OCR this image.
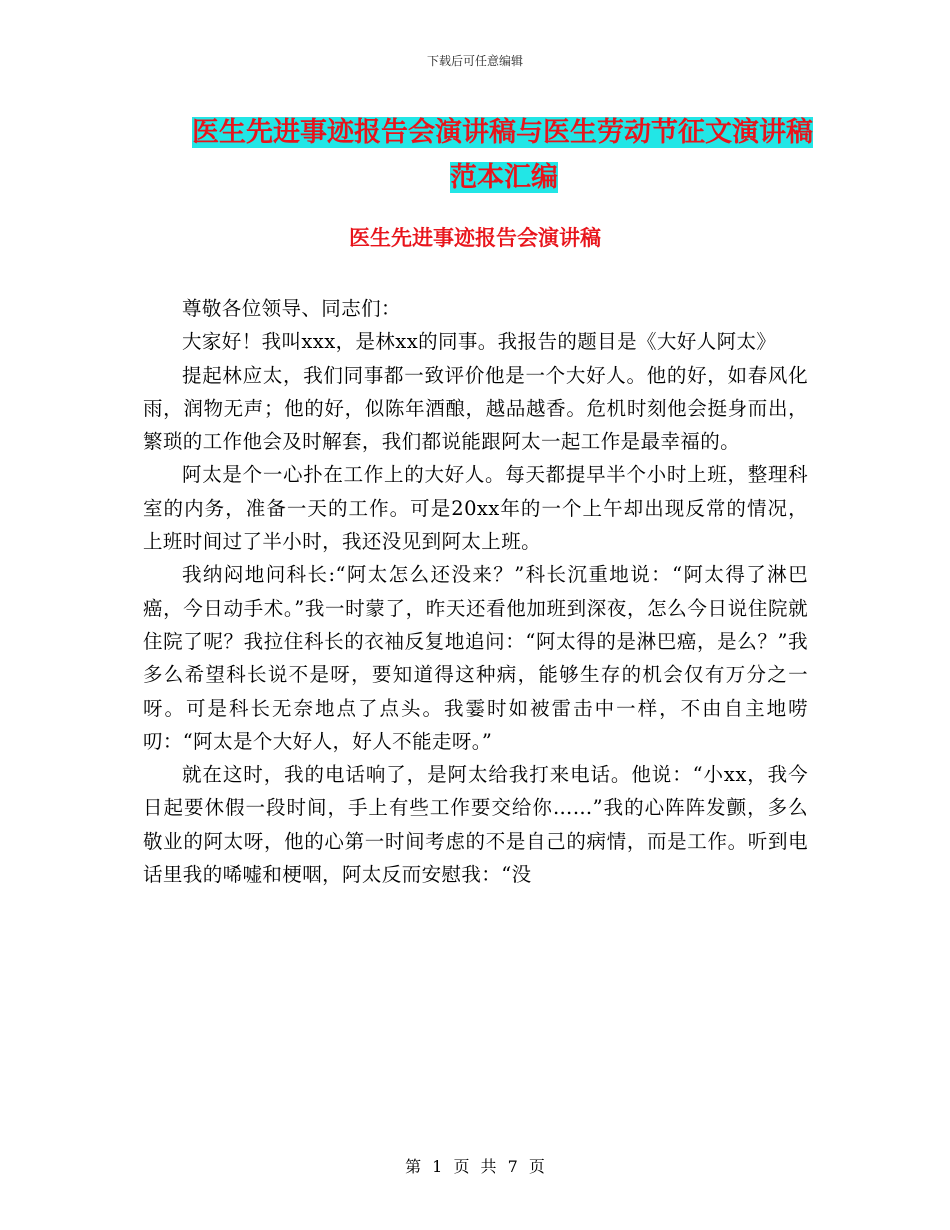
下载后可任意编辑
医生先进事迹报告会演讲稿与医生劳动节征文演讲稿
范本汇编
医生先进事迹报告会演讲稿

尊敬各位领导、同志们：

大家好！我叫xxx，是林xx的同事。我报告的题目是《大好人阿太》

提起林应太，我们同事都一致评价他是一个大好人。他的好，如春风化雨，润物无声；他的好，似陈年酒酿，越品越香。危机时刻他会挺身而出，繁琐的工作他会及时解套，我们都说能跟阿太一起工作是最幸福的。

阿太是个一心扑在工作上的大好人。每天都提早半个小时上班，整理科室的内务，准备一天的工作。可是20xx年的一个上午却出现反常的情况，上班时间过了半小时，我还没见到阿太上班。

我纳闷地问科长:“阿太怎么还没来？”科长沉重地说：“阿太得了淋巴癌，今日动手术。”我一时蒙了，昨天还看他加班到深夜，怎么今日说住院就住院了呢？我拉住科长的衣袖反复地追问：“阿太得的是淋巴癌，是么？”我多么希望科长说不是呀，要知道得这种病，能够生存的机会仅有万分之一呀。可是科长无奈地点了点头。我霎时如被雷击中一样，不由自主地唠叨：“阿太是个大好人，好人不能走呀。”

就在这时，我的电话响了，是阿太给我打来电话。他说：“小xx，我今日起要休假一段时间，手上有些工作要交给你……”我的心阵阵发颤，多么敬业的阿太呀，他的心第一时间考虑的不是自己的病情，而是工作。听到电话里我的唏嘘和梗咽，阿太反而安慰我：“没

第 1 页 共 7 页
